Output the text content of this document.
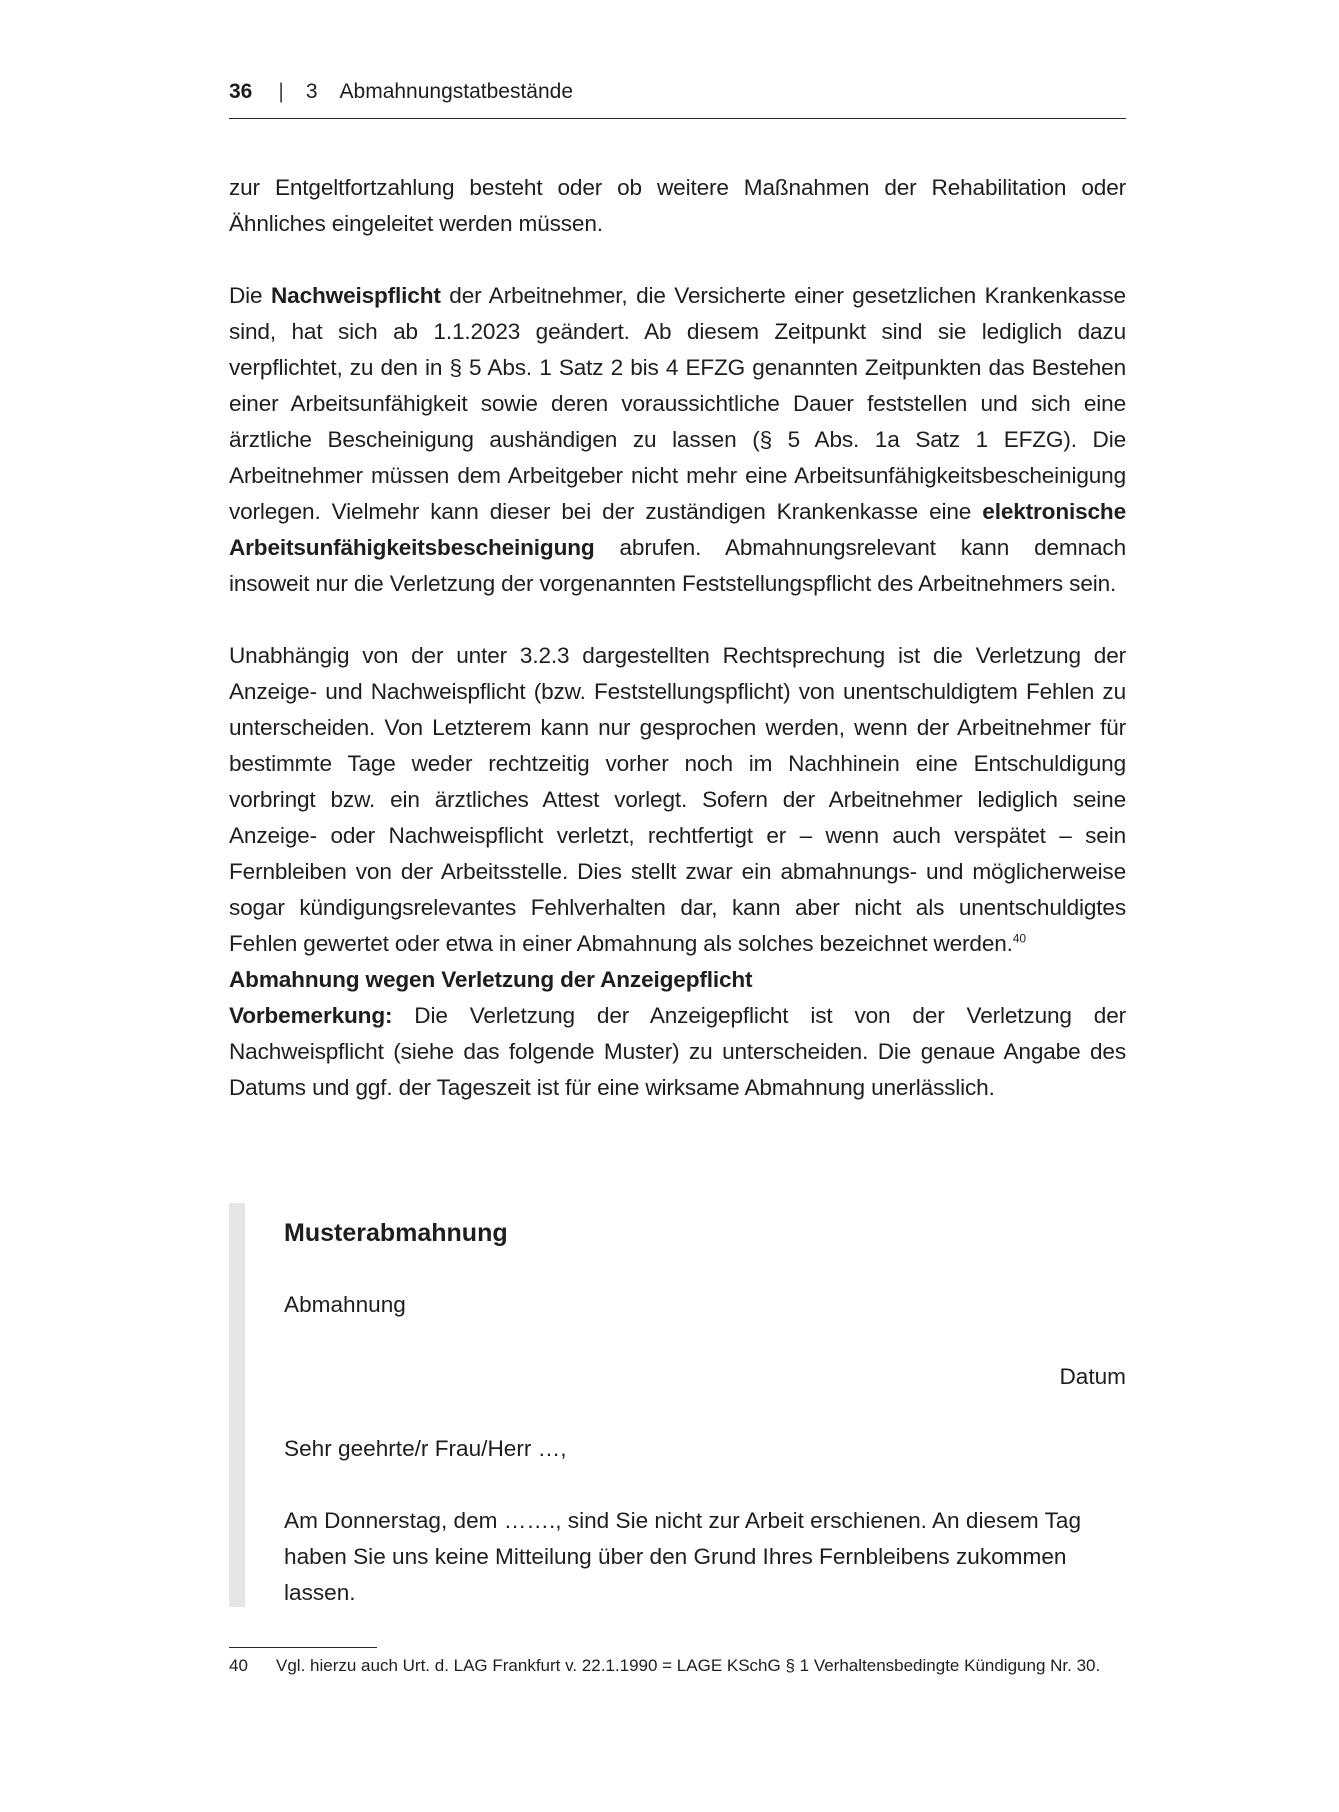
36 | 3 Abmahnungstatbestände

zur Entgeltfortzahlung besteht oder ob weitere Maßnahmen der Rehabilitation oder Ähnliches eingeleitet werden müssen.

Die Nachweispflicht der Arbeitnehmer, die Versicherte einer gesetzlichen Krankenkasse sind, hat sich ab 1.1.2023 geändert. Ab diesem Zeitpunkt sind sie lediglich dazu verpflichtet, zu den in § 5 Abs. 1 Satz 2 bis 4 EFZG genannten Zeitpunkten das Bestehen einer Arbeitsunfähigkeit sowie deren voraussichtliche Dauer feststellen und sich eine ärztliche Bescheinigung aushändigen zu lassen (§ 5 Abs. 1a Satz 1 EFZG). Die Arbeitnehmer müssen dem Arbeitgeber nicht mehr eine Arbeitsunfähigkeitsbescheinigung vorlegen. Vielmehr kann dieser bei der zuständigen Krankenkasse eine elektronische Arbeitsunfähigkeitsbescheinigung abrufen. Abmahnungsrelevant kann demnach insoweit nur die Verletzung der vorgenannten Feststellungspflicht des Arbeitnehmers sein.

Unabhängig von der unter 3.2.3 dargestellten Rechtsprechung ist die Verletzung der Anzeige- und Nachweispflicht (bzw. Feststellungspflicht) von unentschuldigtem Fehlen zu unterscheiden. Von Letzterem kann nur gesprochen werden, wenn der Arbeitnehmer für bestimmte Tage weder rechtzeitig vorher noch im Nachhinein eine Entschuldigung vorbringt bzw. ein ärztliches Attest vorlegt. Sofern der Arbeitnehmer lediglich seine Anzeige- oder Nachweispflicht verletzt, rechtfertigt er – wenn auch verspätet – sein Fernbleiben von der Arbeitsstelle. Dies stellt zwar ein abmahnungs- und möglicherweise sogar kündigungsrelevantes Fehlverhalten dar, kann aber nicht als unentschuldigtes Fehlen gewertet oder etwa in einer Abmahnung als solches bezeichnet werden.$^{40}$

Abmahnung wegen Verletzung der Anzeigepflicht

Vorbemerkung: Die Verletzung der Anzeigepflicht ist von der Verletzung der Nachweispflicht (siehe das folgende Muster) zu unterscheiden. Die genaue Angabe des Datums und ggf. der Tageszeit ist für eine wirksame Abmahnung unerlässlich.

Musterabmahnung
Abmahnung
Datum
Sehr geehrte/r Frau/Herr …,
Am Donnerstag, dem ……., sind Sie nicht zur Arbeit erschienen. An diesem Tag
haben Sie uns keine Mitteilung über den Grund Ihres Fernbleibens zukommen
lassen.
40	Vgl. hierzu auch Urt. d. LAG Frankfurt v. 22.1.1990 = LAGE KSchG § 1 Verhaltensbedingte Kündigung Nr. 30.
